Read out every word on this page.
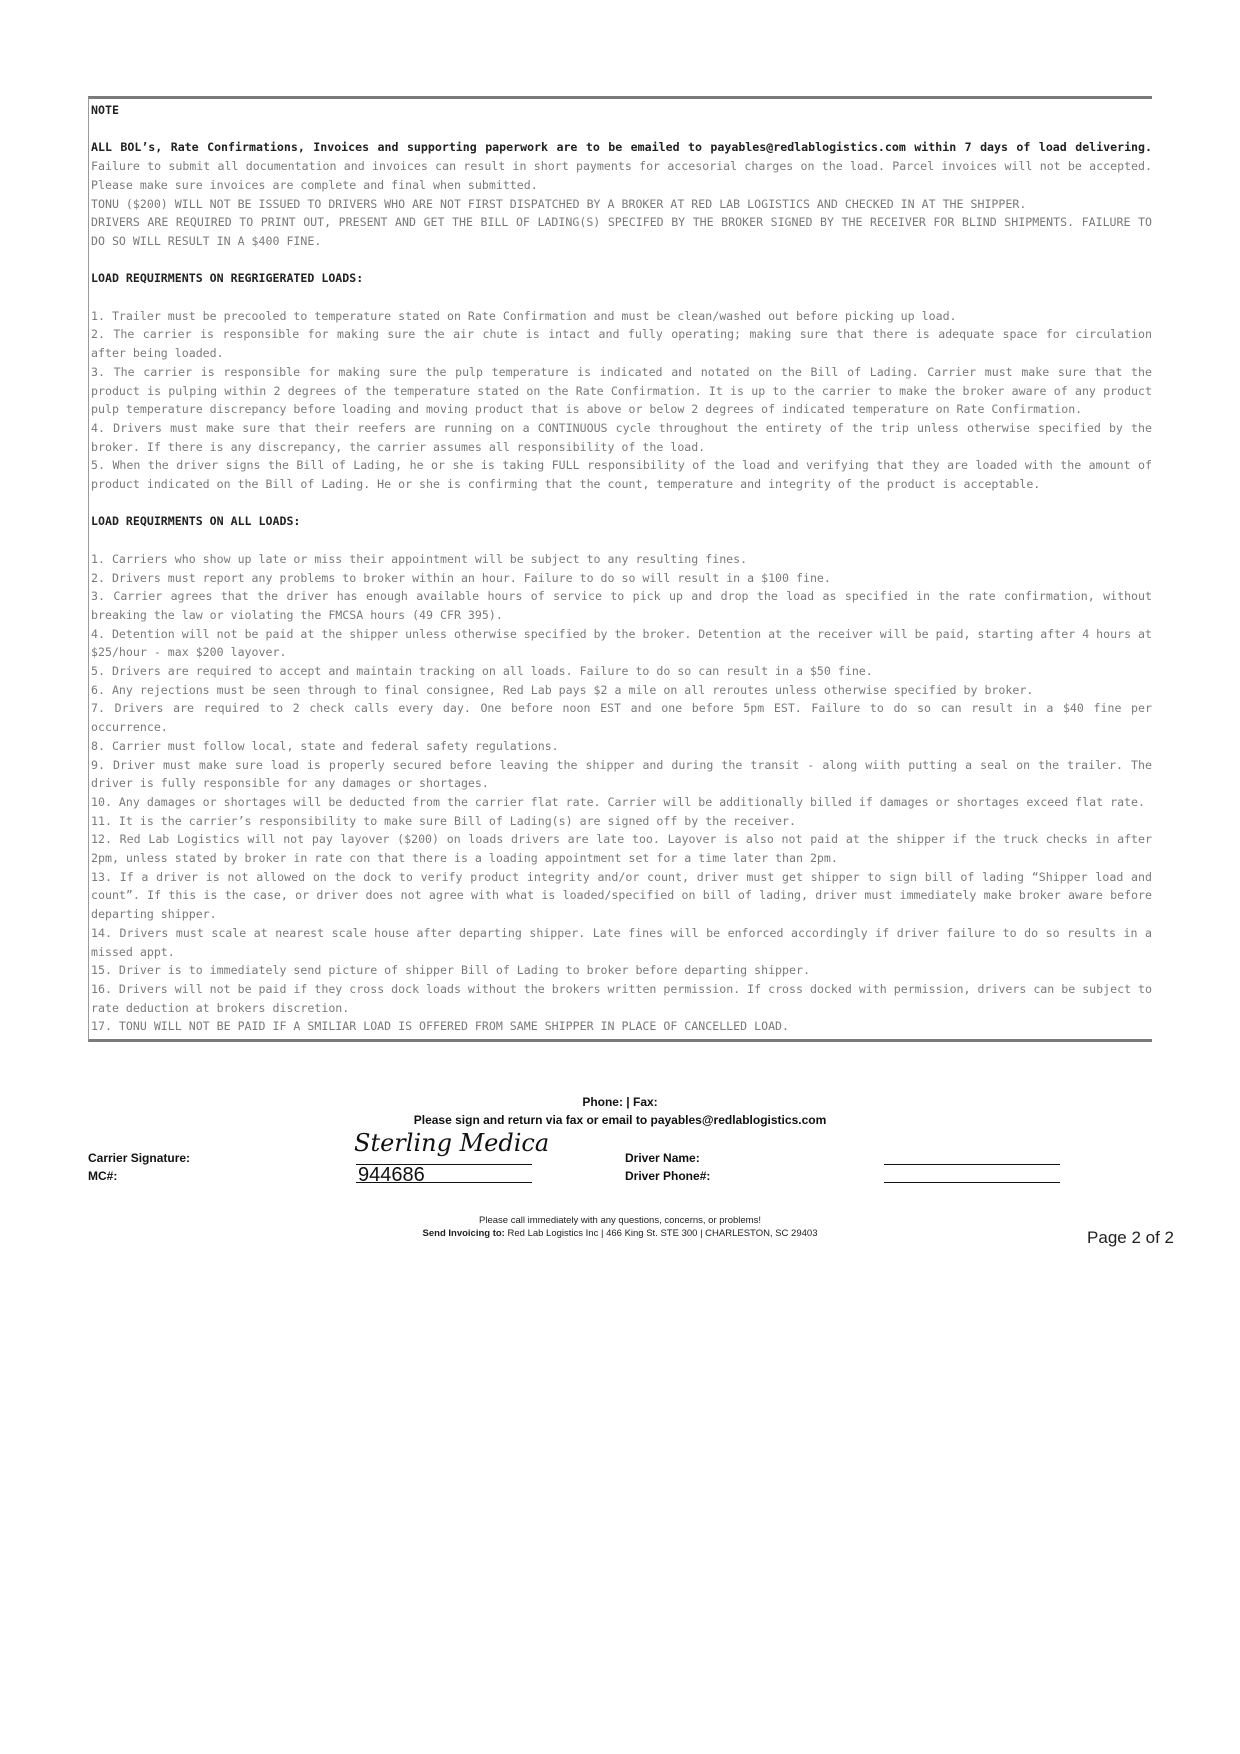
NOTE

ALL BOL’s, Rate Confirmations, Invoices and supporting paperwork are to be emailed to payables@redlablogistics.com within 7 days of load delivering. Failure to submit all documentation and invoices can result in short payments for accesorial charges on the load. Parcel invoices will not be accepted. Please make sure invoices are complete and final when submitted.

TONU ($200) WILL NOT BE ISSUED TO DRIVERS WHO ARE NOT FIRST DISPATCHED BY A BROKER AT RED LAB LOGISTICS AND CHECKED IN AT THE SHIPPER.

DRIVERS ARE REQUIRED TO PRINT OUT, PRESENT AND GET THE BILL OF LADING(S) SPECIFED BY THE BROKER SIGNED BY THE RECEIVER FOR BLIND SHIPMENTS. FAILURE TO DO SO WILL RESULT IN A $400 FINE.

LOAD REQUIRMENTS ON REGRIGERATED LOADS:

1. Trailer must be precooled to temperature stated on Rate Confirmation and must be clean/washed out before picking up load.

2. The carrier is responsible for making sure the air chute is intact and fully operating; making sure that there is adequate space for circulation after being loaded.

3. The carrier is responsible for making sure the pulp temperature is indicated and notated on the Bill of Lading. Carrier must make sure that the product is pulping within 2 degrees of the temperature stated on the Rate Confirmation. It is up to the carrier to make the broker aware of any product pulp temperature discrepancy before loading and moving product that is above or below 2 degrees of indicated temperature on Rate Confirmation.

4. Drivers must make sure that their reefers are running on a CONTINUOUS cycle throughout the entirety of the trip unless otherwise specified by the broker. If there is any discrepancy, the carrier assumes all responsibility of the load.

5. When the driver signs the Bill of Lading, he or she is taking FULL responsibility of the load and verifying that they are loaded with the amount of product indicated on the Bill of Lading. He or she is confirming that the count, temperature and integrity of the product is acceptable.

LOAD REQUIRMENTS ON ALL LOADS:

1. Carriers who show up late or miss their appointment will be subject to any resulting fines.

2. Drivers must report any problems to broker within an hour. Failure to do so will result in a $100 fine.

3. Carrier agrees that the driver has enough available hours of service to pick up and drop the load as specified in the rate confirmation, without breaking the law or violating the FMCSA hours (49 CFR 395).

4. Detention will not be paid at the shipper unless otherwise specified by the broker. Detention at the receiver will be paid, starting after 4 hours at $25/hour - max $200 layover.

5. Drivers are required to accept and maintain tracking on all loads. Failure to do so can result in a $50 fine.

6. Any rejections must be seen through to final consignee, Red Lab pays $2 a mile on all reroutes unless otherwise specified by broker.

7. Drivers are required to 2 check calls every day. One before noon EST and one before 5pm EST. Failure to do so can result in a $40 fine per occurrence.

8. Carrier must follow local, state and federal safety regulations.

9. Driver must make sure load is properly secured before leaving the shipper and during the transit - along wiith putting a seal on the trailer. The driver is fully responsible for any damages or shortages.

10. Any damages or shortages will be deducted from the carrier flat rate. Carrier will be additionally billed if damages or shortages exceed flat rate.

11. It is the carrier’s responsibility to make sure Bill of Lading(s) are signed off by the receiver.

12. Red Lab Logistics will not pay layover ($200) on loads drivers are late too. Layover is also not paid at the shipper if the truck checks in after 2pm, unless stated by broker in rate con that there is a loading appointment set for a time later than 2pm.

13. If a driver is not allowed on the dock to verify product integrity and/or count, driver must get shipper to sign bill of lading “Shipper load and count”. If this is the case, or driver does not agree with what is loaded/specified on bill of lading, driver must immediately make broker aware before departing shipper.

14. Drivers must scale at nearest scale house after departing shipper. Late fines will be enforced accordingly if driver failure to do so results in a missed appt.

15. Driver is to immediately send picture of shipper Bill of Lading to broker before departing shipper.

16. Drivers will not be paid if they cross dock loads without the brokers written permission. If cross docked with permission, drivers can be subject to rate deduction at brokers discretion.

17. TONU WILL NOT BE PAID IF A SMILIAR LOAD IS OFFERED FROM SAME SHIPPER IN PLACE OF CANCELLED LOAD.

Phone: | Fax:
Please sign and return via fax or email to payables@redlablogistics.com
Sterling Medica
Carrier Signature:
MC#:	944686
Driver Name:
Driver Phone#:
Please call immediately with any questions, concerns, or problems!
Send Invoicing to: Red Lab Logistics Inc | 466 King St. STE 300 | CHARLESTON, SC 29403	Page 2 of 2
